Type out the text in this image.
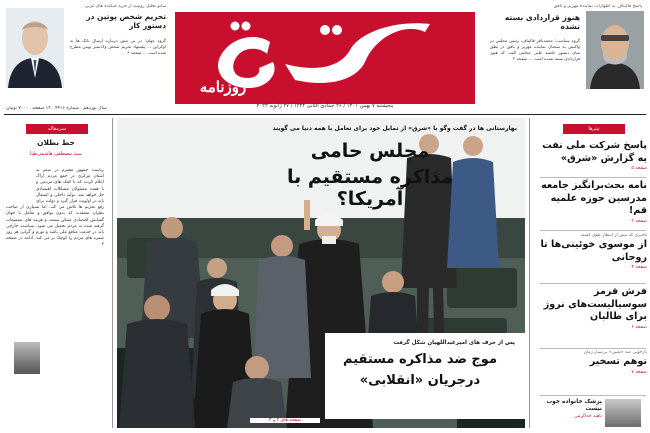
روزنامه
پنجشنبه ۷ بهمن ۱۴۰۱ / ۲۶ جمادی الثانی ۱۴۴۴ / ۲۷ ژانویه ۲۰۲۳
سال نوزدهم . شماره ۴۴۱۶ . ۱۲ صفحه . ۷۰۰۰ تومان
پاسخ قالیباف به اظهارات نماینده مهریز و بافق
هنوز قراردادی بسته نشده
گروه سیاست: محمدباقر قالیباف، رئیس مجلس در واکنش به سخنان نماینده مهریز و بافق در نطق میان دستور جلسه علنی مجلس گفت که هنوز قراردادی بسته نشده است ... صفحه ۲
سانو تحلیل روسیه از خرید جنگنده های غربی
تحریم شخص پوتین در دستور کار
گروه جهان: در پی تنش دربیاره ارسال تانک ها به اوکراین ... پیشنهاد تحریم شخص ولادیمیر پوتین مطرح شده است ... صفحه ۶
سرمقاله
خط بطلان
سید مصطفی هاشمی‌طبا
ریاست جمهور محترم در سفر به استان مرکزی در جمع مردم اراک اعلام کردند که با کمک های مردمی و با همت مسئولان مشکلات اقتصادی حل خواهد شد. تولید داخلی و اشتغال باید در اولویت قرار گیرد و دولت برای رفع تحریم ها تلاش می کند. اما بسیاری از صاحب نظران معتقدند که بدون توافق و تعامل با جهان گشایش اقتصادی ممکن نیست و هزینه های تصمیمات گرفته شده به مردم تحمیل می شود. سیاست خارجی باید در خدمت منافع ملی باشد و تورم و گرانی هر روز سفره های مردم را کوچک تر می کند. ادامه در صفحه ۲
بهارستانی ها در گفت وگو با «شرق» از تمایل خود برای تعامل با همه دنیا می گویند
مجلس حامی
مذاکره مستقیم با آمریکا؟
پس از حرف های امیرعبداللهیان شکل گرفت
موج ضد مذاکره مستقیم
درجریان «انقلابی»
صفحه های ۲ و ۳
تیترها
پاسخ شرکت ملی نفت به گزارش «شرق»
صفحه ۵
نامه بحث‌برانگیز جامعه مدرسین حوزه علمیه قم!
صفحه ۲
تاخیری که بیش از انتظار طول کشید
از موسوی خوئینی‌ها تا روحانی
صفحه ۳
فرش قرمز سوسیالیست‌های نروژ برای طالبان
صفحه ۶
بازجویی ضد «تعیین» بی‌سیار زمان
توهم تسخیر
صفحه ۷
پزشک خانواده خوب نیست
ناهید خداکرمی
